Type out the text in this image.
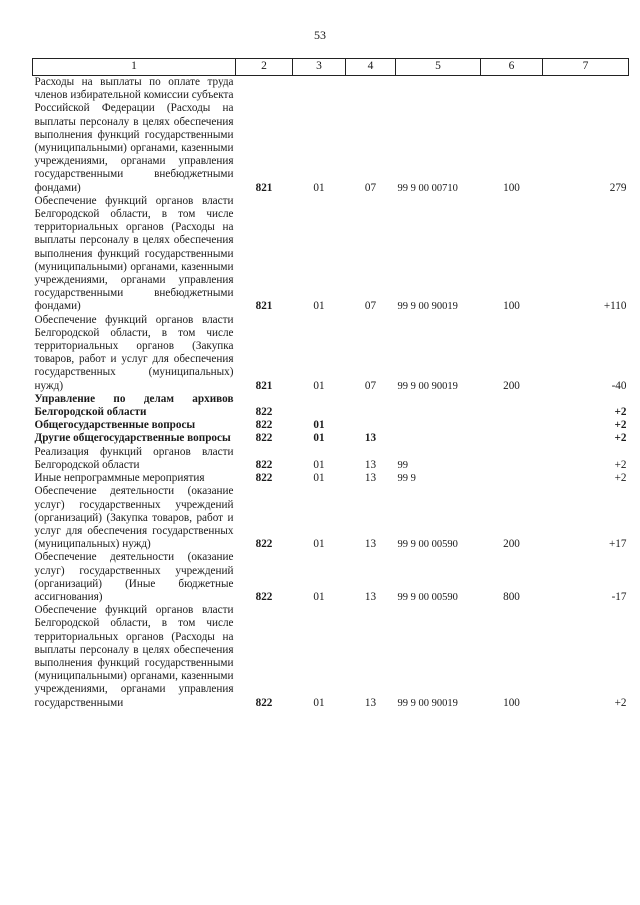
53
1	2	3	4	5	6	7
Расходы на выплаты по оплате труда членов избирательной комиссии субъекта Российской Федерации (Расходы на выплаты персоналу в целях обеспечения выполнения функций государственными (муниципальными) органами, казенными учреждениями, органами управления государственными внебюджетными фондами)	821	01	07	99 9 00 00710	100	279
Обеспечение функций органов власти Белгородской области, в том числе территориальных органов (Расходы на выплаты персоналу в целях обеспечения выполнения функций государственными (муниципальными) органами, казенными учреждениями, органами управления государственными внебюджетными фондами)	821	01	07	99 9 00 90019	100	+110
Обеспечение функций органов власти Белгородской области, в том числе территориальных органов (Закупка товаров, работ и услуг для обеспечения государственных (муниципальных) нужд)	821	01	07	99 9 00 90019	200	-40
Управление по делам архивов Белгородской области	822					+2
Общегосударственные вопросы	822	01				+2
Другие общегосударственные вопросы	822	01	13			+2
Реализация функций органов власти Белгородской области	822	01	13	99		+2
Иные непрограммные мероприятия	822	01	13	99 9		+2
Обеспечение деятельности (оказание услуг) государственных учреждений (организаций) (Закупка товаров, работ и услуг для обеспечения государственных (муниципальных) нужд)	822	01	13	99 9 00 00590	200	+17
Обеспечение деятельности (оказание услуг) государственных учреждений (организаций) (Иные бюджетные ассигнования)	822	01	13	99 9 00 00590	800	-17
Обеспечение функций органов власти Белгородской области, в том числе территориальных органов (Расходы на выплаты персоналу в целях обеспечения выполнения функций государственными (муниципальными) органами, казенными учреждениями, органами управления государственными	822	01	13	99 9 00 90019	100	+2
